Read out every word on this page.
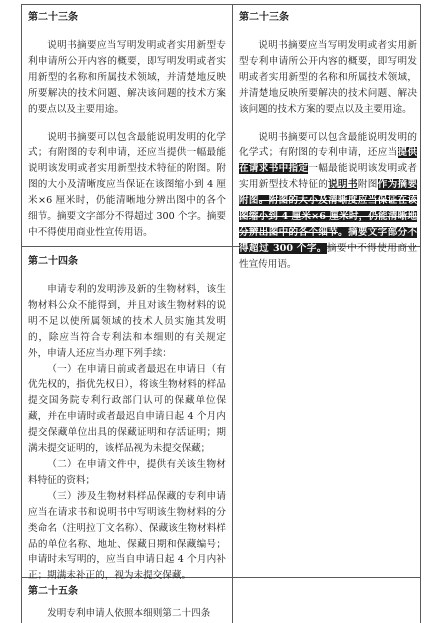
第二十三条
说明书摘要应当写明发明或者实用新型专利申请所公开内容的概要，即写明发明或者实用新型的名称和所属技术领域，并清楚地反映所要解决的技术问题、解决该问题的技术方案的要点以及主要用途。
说明书摘要可以包含最能说明发明的化学式；有附图的专利申请，还应当提供一幅最能说明该发明或者实用新型技术特征的附图。附图的大小及清晰度应当保证在该图缩小到 4 厘米×6 厘米时，仍能清晰地分辨出图中的各个细节。摘要文字部分不得超过 300 个字。摘要中不得使用商业性宣传用语。
第二十三条
说明书摘要应当写明发明或者实用新型专利申请所公开内容的概要，即写明发明或者实用新型的名称和所属技术领域，并清楚地反映所要解决的技术问题、解决该问题的技术方案的要点以及主要用途。
说明书摘要可以包含最能说明发明的化学式；有附图的专利申请，还应当提供在请求书中指定一幅最能说明该发明或者实用新型技术特征的说明书附图作为摘要附图。附图的大小及清晰度应当保证在该图缩小到 4 厘米×6 厘米时，仍能清晰地分辨出图中的各个细节。摘要文字部分不得超过 300 个字。摘要中不得使用商业性宣传用语。
第二十四条
申请专利的发明涉及新的生物材料，该生物材料公众不能得到，并且对该生物材料的说明不足以使所属领域的技术人员实施其发明的，除应当符合专利法和本细则的有关规定外，申请人还应当办理下列手续：
（一）在申请日前或者最迟在申请日（有优先权的，指优先权日），将该生物材料的样品提交国务院专利行政部门认可的保藏单位保藏，并在申请时或者最迟自申请日起 4 个月内提交保藏单位出具的保藏证明和存活证明；期满未提交证明的，该样品视为未提交保藏；
（二）在申请文件中，提供有关该生物材料特征的资料；
（三）涉及生物材料样品保藏的专利申请应当在请求书和说明书中写明该生物材料的分类命名（注明拉丁文名称）、保藏该生物材料样品的单位名称、地址、保藏日期和保藏编号；申请时未写明的，应当自申请日起 4 个月内补正；期满未补正的，视为未提交保藏。
第二十五条
发明专利申请人依照本细则第二十四条
